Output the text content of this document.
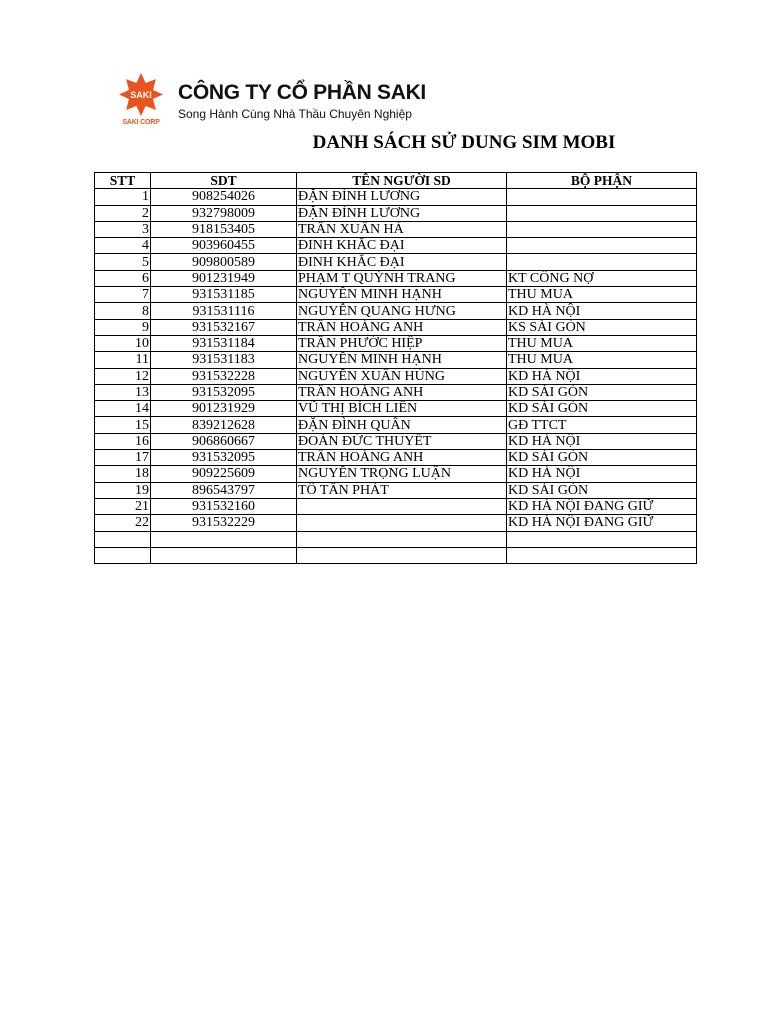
SAKI
SAKI CORP
CÔNG TY CỔ PHẦN SAKI
Song Hành Cùng Nhà Thầu Chuyên Nghiệp
DANH SÁCH SỬ DUNG SIM MOBI
STT	SDT	TÊN NGƯỜI SD	BỘ PHẬN
1	908254026	ĐẶN ĐÌNH LƯƠNG	
2	932798009	ĐẶN ĐÌNH LƯƠNG	
3	918153405	TRẦN XUÂN HÀ	
4	903960455	ĐINH KHẮC ĐẠI	
5	909800589	ĐINH KHẮC ĐẠI	
6	901231949	PHẠM T QUỲNH TRANG	KT CÔNG NỢ
7	931531185	NGUYỄN MINH HẠNH	THU MUA
8	931531116	NGUYỄN QUANG HƯNG	KD HÀ NỘI
9	931532167	TRẦN HOÀNG ANH	KS SÀI GÒN
10	931531184	TRẦN PHƯỚC HIỆP	THU MUA
11	931531183	NGUYỄN MINH HẠNH	THU MUA
12	931532228	NGUYỄN XUÂN HÙNG	KD HÀ NỘI
13	931532095	TRẦN HOÀNG ANH	KD SÀI GÒN
14	901231929	VŨ THỊ BÍCH LIÊN	KD SÀI GÒN
15	839212628	ĐẶN ĐÌNH QUÂN	GĐ TTCT
16	906860667	ĐOÀN ĐỨC THUYẾT	KD HÀ NỘI
17	931532095	TRẦN HOÀNG ANH	KD SÀI GÒN
18	909225609	NGUYỄN TRỌNG LUẬN	KD HÀ NỘI
19	896543797	TÔ TẤN PHÁT	KD SÀI GÒN
21	931532160		KD HÀ NỘI ĐANG GIỮ
22	931532229		KD HÀ NỘI ĐANG GIỮ
